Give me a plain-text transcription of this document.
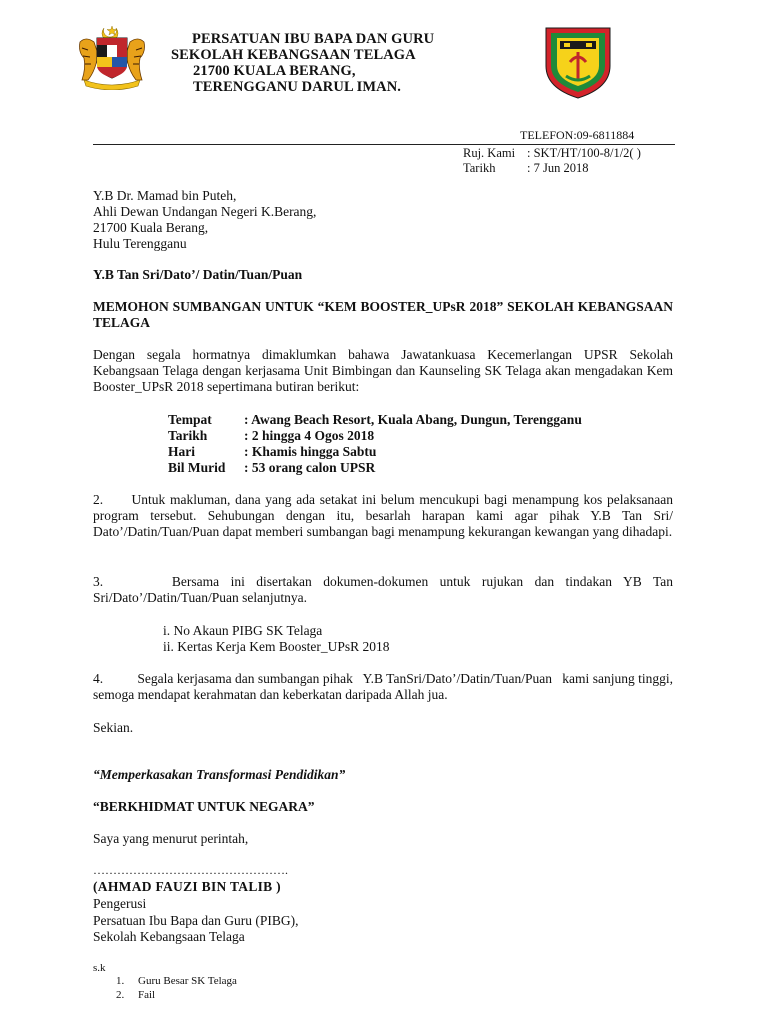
PERSATUAN IBU BAPA DAN GURU
SEKOLAH KEBANGSAAN TELAGA
21700 KUALA BERANG,
TERENGGANU DARUL IMAN.
TELEFON:09-6811884
Ruj. Kami : SKT/HT/100-8/1/2( )
Tarikh	: 7 Jun 2018
Y.B Dr. Mamad bin Puteh,
Ahli Dewan Undangan Negeri K.Berang,
21700 Kuala Berang,
Hulu Terengganu
Y.B Tan Sri/Dato’/ Datin/Tuan/Puan
MEMOHON SUMBANGAN UNTUK “KEM BOOSTER_UPsR 2018” SEKOLAH KEBANGSAAN TELAGA
Dengan segala hormatnya dimaklumkan bahawa Jawatankuasa Kecemerlangan UPSR Sekolah Kebangsaan Telaga dengan kerjasama Unit Bimbingan dan Kaunseling SK Telaga akan mengadakan Kem Booster_UPsR 2018 sepertimana butiran berikut:
Tempat : Awang Beach Resort, Kuala Abang, Dungun, Terengganu
Tarikh	: 2 hingga 4 Ogos 2018
Hari	: Khamis hingga Sabtu
Bil Murid : 53 orang calon UPSR
2.      Untuk makluman, dana yang ada setakat ini belum mencukupi bagi menampung kos pelaksanaan program tersebut. Sehubungan dengan itu, besarlah harapan kami agar pihak Y.B Tan Sri/ Dato’/Datin/Tuan/Puan dapat memberi sumbangan bagi menampung kekurangan kewangan yang dihadapi.
3.      Bersama ini disertakan dokumen-dokumen untuk rujukan dan tindakan YB Tan Sri/Dato’/Datin/Tuan/Puan selanjutnya.
i. No Akaun PIBG SK Telaga
ii. Kertas Kerja Kem Booster_UPsR 2018
4.          Segala kerjasama dan sumbangan pihak   Y.B TanSri/Dato’/Datin/Tuan/Puan   kami sanjung tinggi, semoga mendapat kerahmatan dan keberkatan daripada Allah jua.
Sekian.
“Memperkasakan Transformasi Pendidikan”
“BERKHIDMAT UNTUK NEGARA”
Saya yang menurut perintah,
………………………………………….
(AHMAD FAUZI BIN TALIB )
Pengerusi
Persatuan Ibu Bapa dan Guru (PIBG),
Sekolah Kebangsaan Telaga
s.k
1. Guru Besar SK Telaga
2. Fail
